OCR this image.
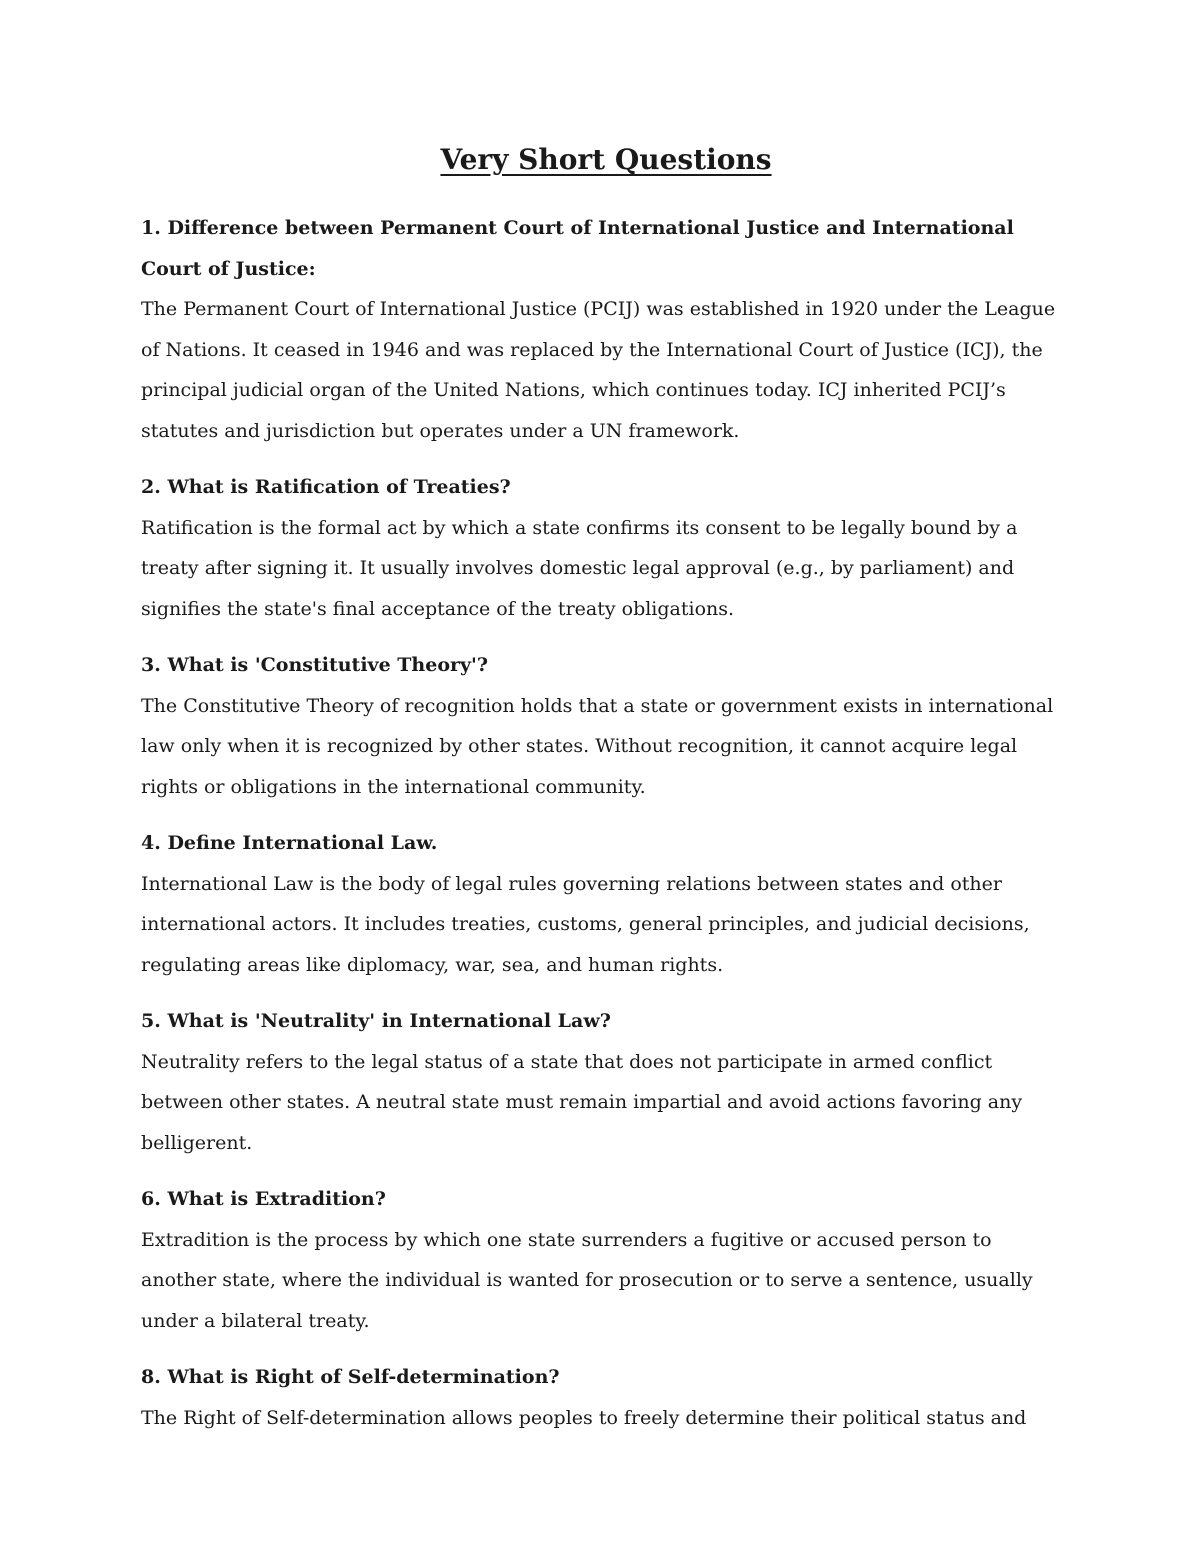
Very Short Questions

1. Difference between Permanent Court of International Justice and International Court of Justice:

The Permanent Court of International Justice (PCIJ) was established in 1920 under the League of Nations. It ceased in 1946 and was replaced by the International Court of Justice (ICJ), the principal judicial organ of the United Nations, which continues today. ICJ inherited PCIJ’s statutes and jurisdiction but operates under a UN framework.

2. What is Ratification of Treaties?

Ratification is the formal act by which a state confirms its consent to be legally bound by a treaty after signing it. It usually involves domestic legal approval (e.g., by parliament) and signifies the state's final acceptance of the treaty obligations.

3. What is 'Constitutive Theory'?

The Constitutive Theory of recognition holds that a state or government exists in international law only when it is recognized by other states. Without recognition, it cannot acquire legal rights or obligations in the international community.

4. Define International Law.

International Law is the body of legal rules governing relations between states and other international actors. It includes treaties, customs, general principles, and judicial decisions, regulating areas like diplomacy, war, sea, and human rights.

5. What is 'Neutrality' in International Law?

Neutrality refers to the legal status of a state that does not participate in armed conflict between other states. A neutral state must remain impartial and avoid actions favoring any belligerent.

6. What is Extradition?

Extradition is the process by which one state surrenders a fugitive or accused person to another state, where the individual is wanted for prosecution or to serve a sentence, usually under a bilateral treaty.

8. What is Right of Self-determination?

The Right of Self-determination allows peoples to freely determine their political status and
